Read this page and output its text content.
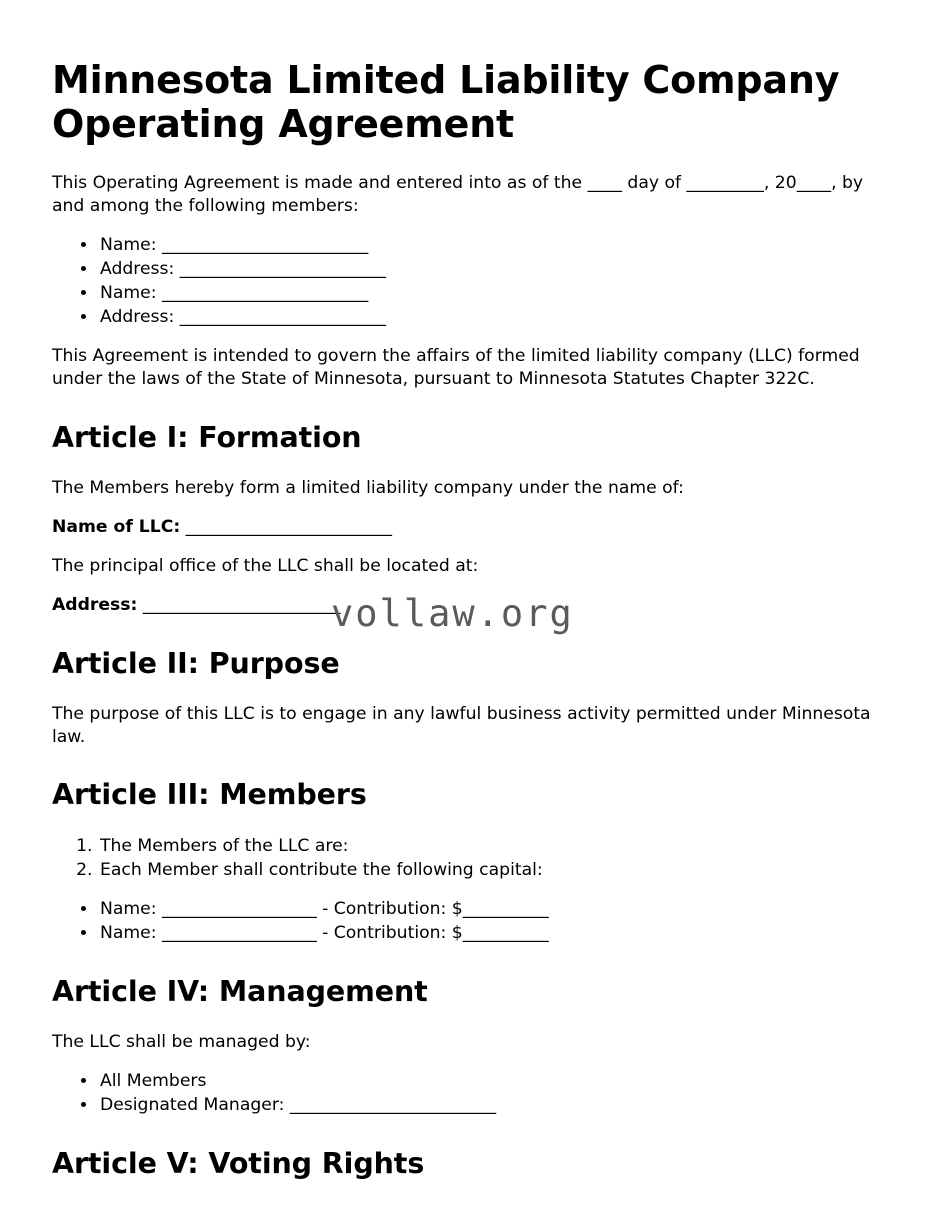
Minnesota Limited Liability Company Operating Agreement

This Operating Agreement is made and entered into as of the ____ day of _________, 20____, by and among the following members:

• Name: ________________________
• Address: ________________________
• Name: ________________________
• Address: ________________________

This Agreement is intended to govern the affairs of the limited liability company (LLC) formed under the laws of the State of Minnesota, pursuant to Minnesota Statutes Chapter 322C.

Article I: Formation

The Members hereby form a limited liability company under the name of:

Name of LLC: ________________________

The principal office of the LLC shall be located at:

Address: _______________________

Article II: Purpose

The purpose of this LLC is to engage in any lawful business activity permitted under Minnesota law.

Article III: Members
1. The Members of the LLC are:
2. Each Member shall contribute the following capital:
• Name: __________________ - Contribution: $__________
• Name: __________________ - Contribution: $__________
Article IV: Management

The LLC shall be managed by:

• All Members
• Designated Manager: ________________________
Article V: Voting Rights
vollaw.org
